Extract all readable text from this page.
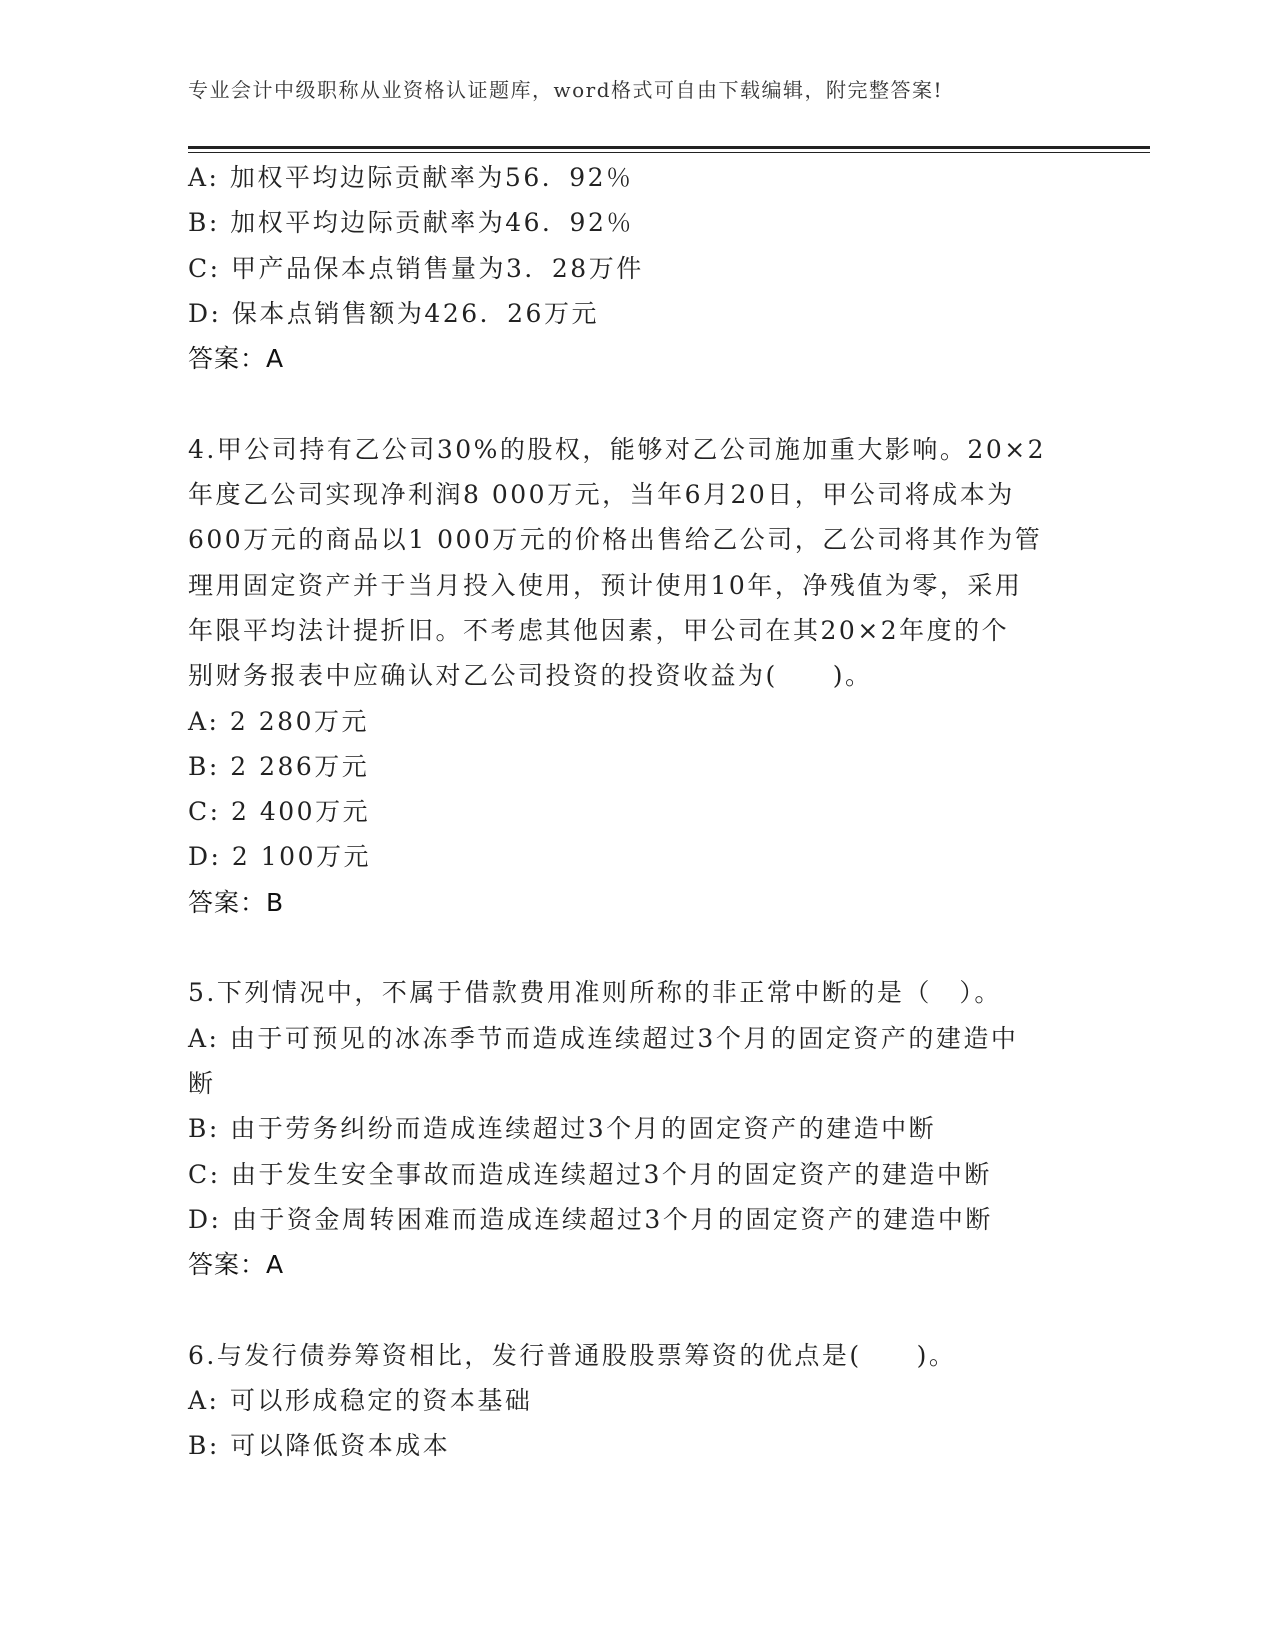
专业会计中级职称从业资格认证题库，word格式可自由下载编辑，附完整答案!
A: 加权平均边际贡献率为56．92％
B: 加权平均边际贡献率为46．92％
C: 甲产品保本点销售量为3．28万件
D: 保本点销售额为426．26万元
答案：A
4.甲公司持有乙公司30%的股权，能够对乙公司施加重大影响。20×2
年度乙公司实现净利润8 000万元，当年6月20日，甲公司将成本为
600万元的商品以1 000万元的价格出售给乙公司，乙公司将其作为管
理用固定资产并于当月投入使用，预计使用10年，净残值为零，采用
年限平均法计提折旧。不考虑其他因素，甲公司在其20×2年度的个
别财务报表中应确认对乙公司投资的投资收益为(　　)。
A: 2 280万元
B: 2 286万元
C: 2 400万元
D: 2 100万元
答案：B
5.下列情况中，不属于借款费用准则所称的非正常中断的是（　）。
A: 由于可预见的冰冻季节而造成连续超过3个月的固定资产的建造中
断
B: 由于劳务纠纷而造成连续超过3个月的固定资产的建造中断
C: 由于发生安全事故而造成连续超过3个月的固定资产的建造中断
D: 由于资金周转困难而造成连续超过3个月的固定资产的建造中断
答案：A
6.与发行债券筹资相比，发行普通股股票筹资的优点是(　　)。
A: 可以形成稳定的资本基础
B: 可以降低资本成本
